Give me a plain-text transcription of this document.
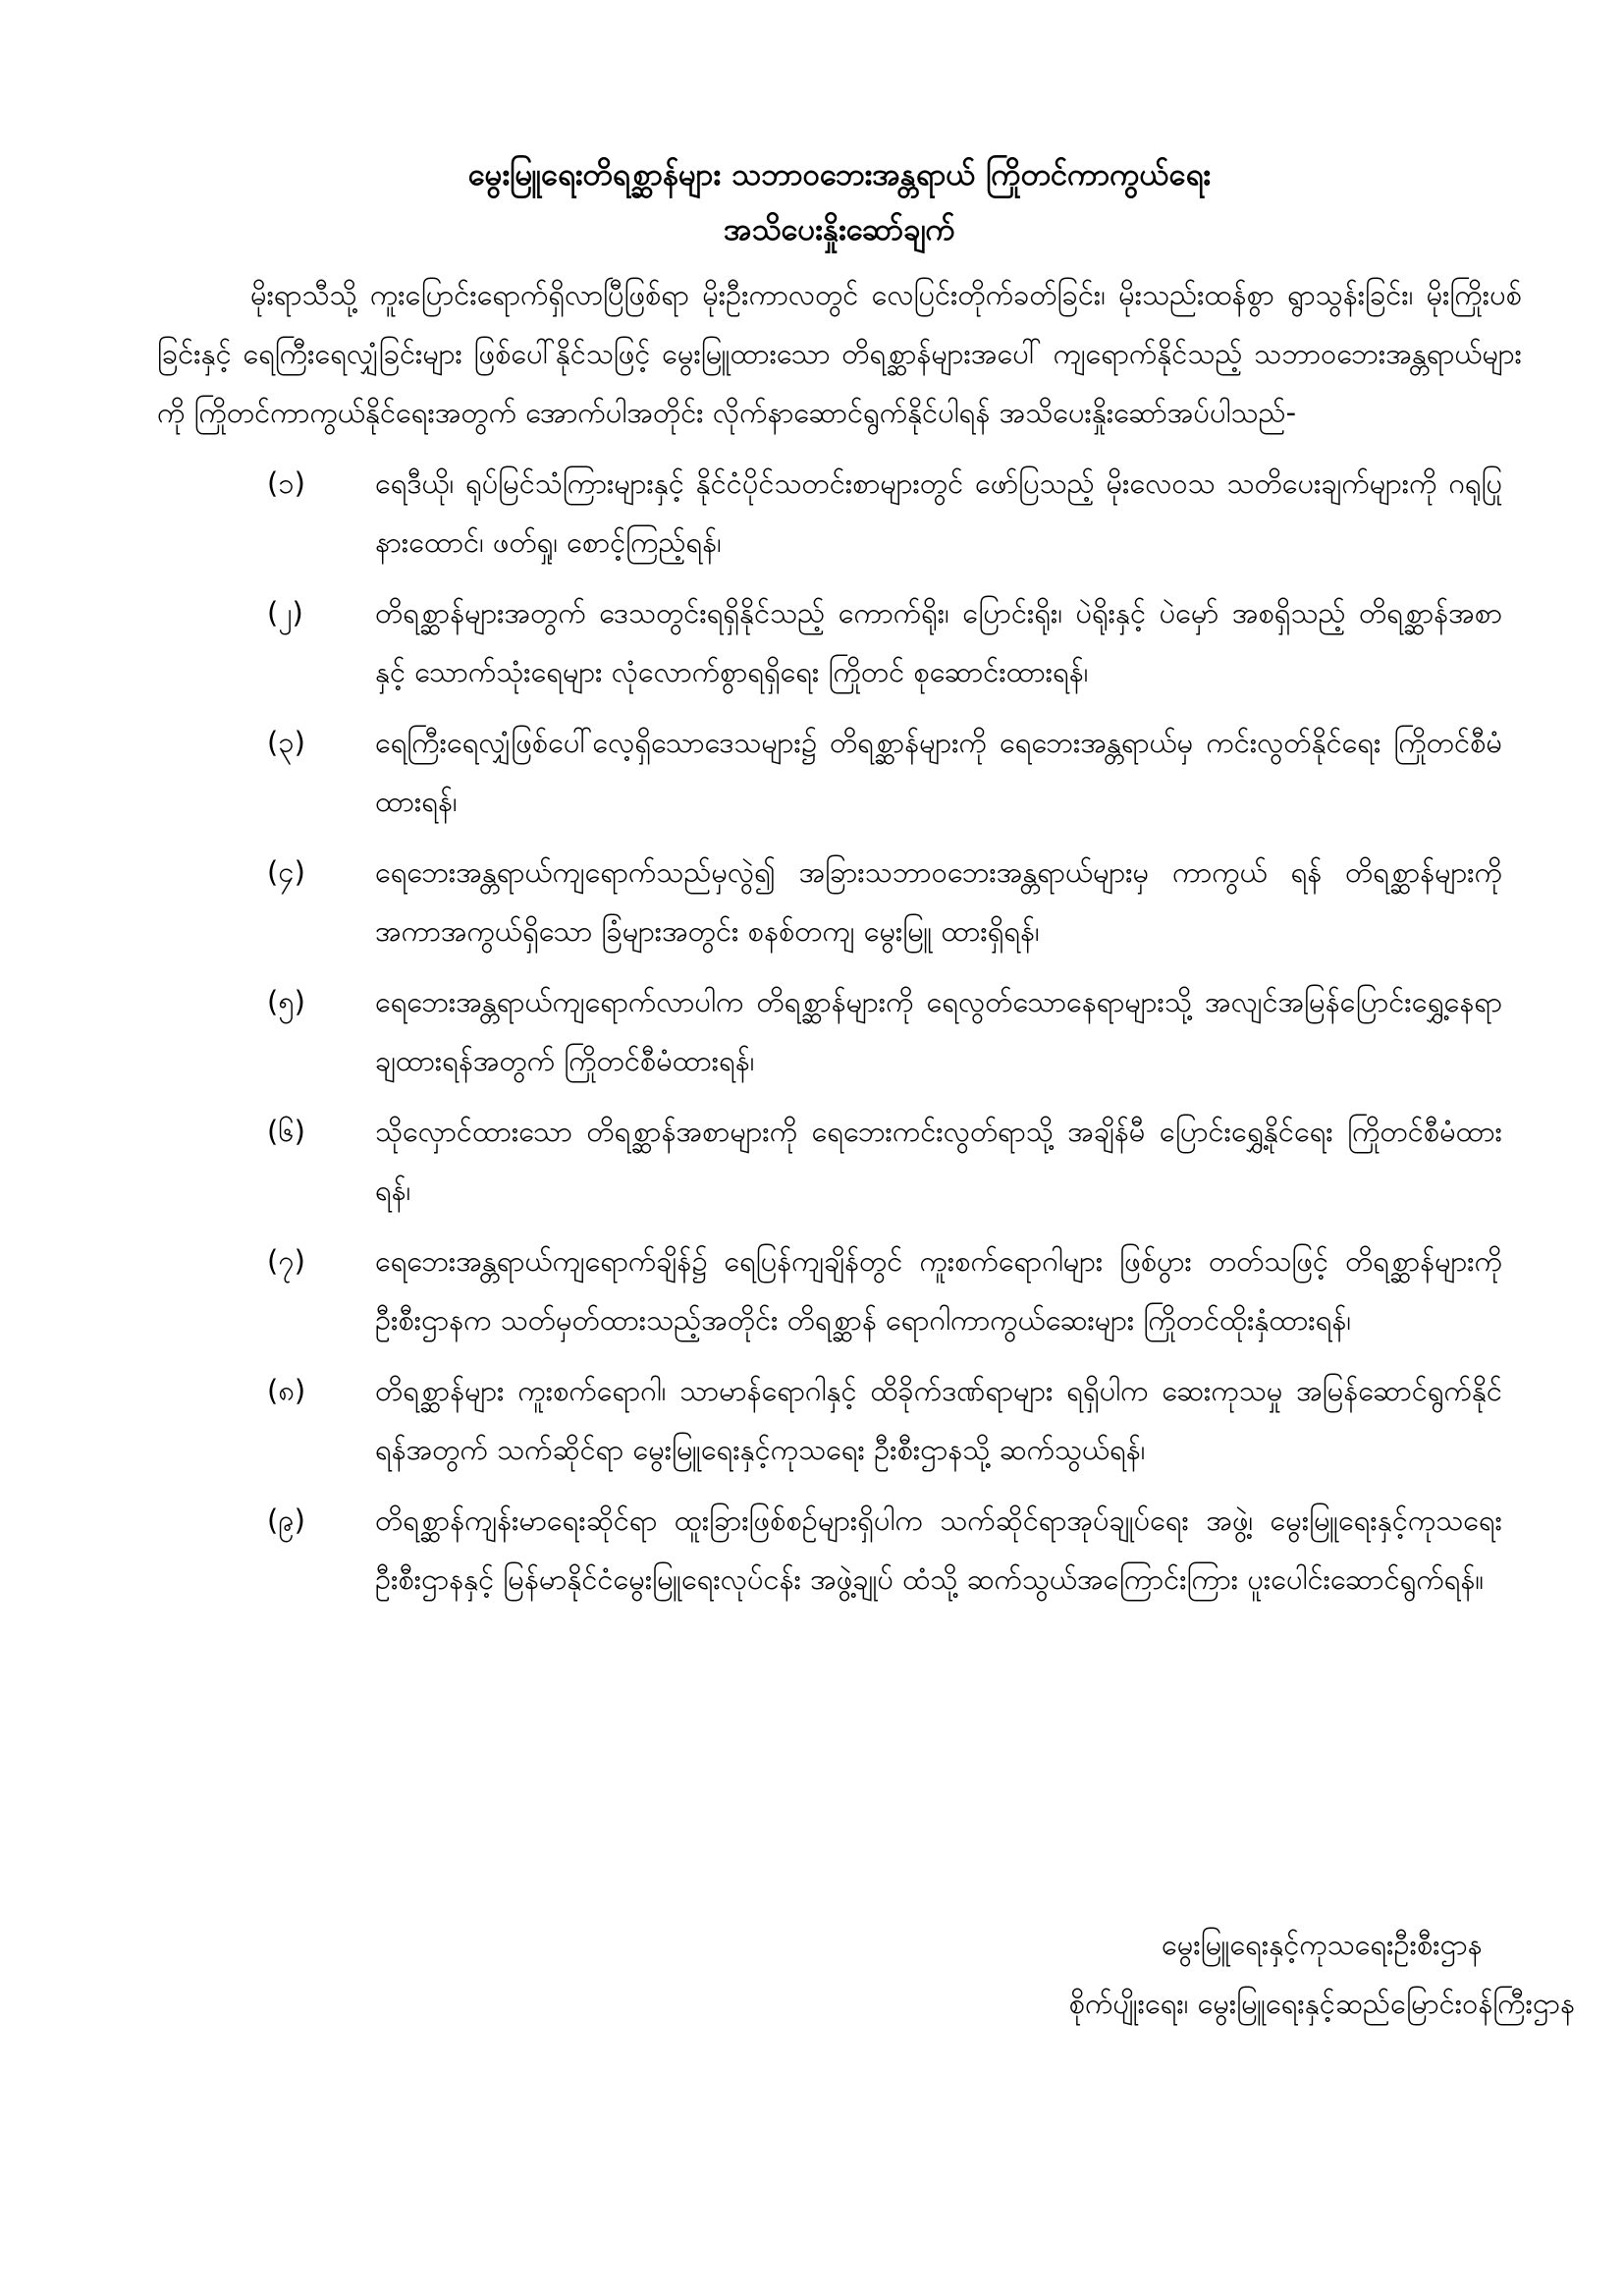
မွေးမြူရေးတိရစ္ဆာန်များ သဘာဝဘေးအန္တရာယ် ကြိုတင်ကာကွယ်ရေး

အသိပေးနှိုးဆော်ချက်

မိုးရာသီသို့ ကူးပြောင်းရောက်ရှိလာပြီဖြစ်ရာ မိုးဦးကာလတွင် လေပြင်းတိုက်ခတ်ခြင်း၊ မိုးသည်းထန်စွာ ရွာသွန်းခြင်း၊ မိုးကြိုးပစ်ခြင်းနှင့် ရေကြီးရေလျှံခြင်းများ ဖြစ်ပေါ်နိုင်သဖြင့် မွေးမြူထားသော တိရစ္ဆာန်များအပေါ် ကျရောက်နိုင်သည့် သဘာဝဘေးအန္တရာယ်များကို ကြိုတင်ကာကွယ်နိုင်ရေးအတွက် အောက်ပါအတိုင်း လိုက်နာဆောင်ရွက်နိုင်ပါရန် အသိပေးနှိုးဆော်အပ်ပါသည်-

(၁)	ရေဒီယို၊ ရုပ်မြင်သံကြားများနှင့် နိုင်ငံပိုင်သတင်းစာများတွင် ဖော်ပြသည့် မိုးလေဝသ သတိပေးချက်များကို ဂရုပြုနားထောင်၊ ဖတ်ရှု၊ စောင့်ကြည့်ရန်၊
(၂)	တိရစ္ဆာန်များအတွက် ဒေသတွင်းရရှိနိုင်သည့် ကောက်ရိုး၊ ပြောင်းရိုး၊ ပဲရိုးနှင့် ပဲမှော် အစရှိသည့် တိရစ္ဆာန်အစာနှင့် သောက်သုံးရေများ လုံလောက်စွာရရှိရေး ကြိုတင် စုဆောင်းထားရန်၊
(၃)	ရေကြီးရေလျှံဖြစ်ပေါ်လေ့ရှိသောဒေသများ၌ တိရစ္ဆာန်များကို ရေဘေးအန္တရာယ်မှ ကင်းလွတ်နိုင်ရေး ကြိုတင်စီမံထားရန်၊
(၄)	ရေဘေးအန္တရာယ်ကျရောက်သည်မှလွဲ၍ အခြားသဘာဝဘေးအန္တရာယ်များမှ ကာကွယ် ရန် တိရစ္ဆာန်များကို အကာအကွယ်ရှိသော ခြံများအတွင်း စနစ်တကျ မွေးမြူ ထားရှိရန်၊
(၅)	ရေဘေးအန္တရာယ်ကျရောက်လာပါက တိရစ္ဆာန်များကို ရေလွတ်သောနေရာများသို့ အလျင်အမြန်ပြောင်းရွှေ့နေရာချထားရန်အတွက် ကြိုတင်စီမံထားရန်၊
(၆)	သိုလှောင်ထားသော တိရစ္ဆာန်အစာများကို ရေဘေးကင်းလွတ်ရာသို့ အချိန်မီ ပြောင်းရွှေ့နိုင်ရေး ကြိုတင်စီမံထားရန်၊
(၇)	ရေဘေးအန္တရာယ်ကျရောက်ချိန်၌ ရေပြန်ကျချိန်တွင် ကူးစက်ရောဂါများ ဖြစ်ပွား တတ်သဖြင့် တိရစ္ဆာန်များကို ဦးစီးဌာနက သတ်မှတ်ထားသည့်အတိုင်း တိရစ္ဆာန် ရောဂါကာကွယ်ဆေးများ ကြိုတင်ထိုးနှံထားရန်၊
(၈)	တိရစ္ဆာန်များ ကူးစက်ရောဂါ၊ သာမာန်ရောဂါနှင့် ထိခိုက်ဒဏ်ရာများ ရရှိပါက ဆေးကုသမှု အမြန်ဆောင်ရွက်နိုင်ရန်အတွက် သက်ဆိုင်ရာ မွေးမြူရေးနှင့်ကုသရေး ဦးစီးဌာနသို့ ဆက်သွယ်ရန်၊
(၉)	တိရစ္ဆာန်ကျန်းမာရေးဆိုင်ရာ ထူးခြားဖြစ်စဉ်များရှိပါက သက်ဆိုင်ရာအုပ်ချုပ်ရေး အဖွဲ့၊ မွေးမြူရေးနှင့်ကုသရေးဦးစီးဌာနနှင့် မြန်မာနိုင်ငံမွေးမြူရေးလုပ်ငန်း အဖွဲ့ချုပ် ထံသို့ ဆက်သွယ်အကြောင်းကြား ပူးပေါင်းဆောင်ရွက်ရန်။
မွေးမြူရေးနှင့်ကုသရေးဦးစီးဌာန
စိုက်ပျိုးရေး၊ မွေးမြူရေးနှင့်ဆည်မြောင်းဝန်ကြီးဌာန
